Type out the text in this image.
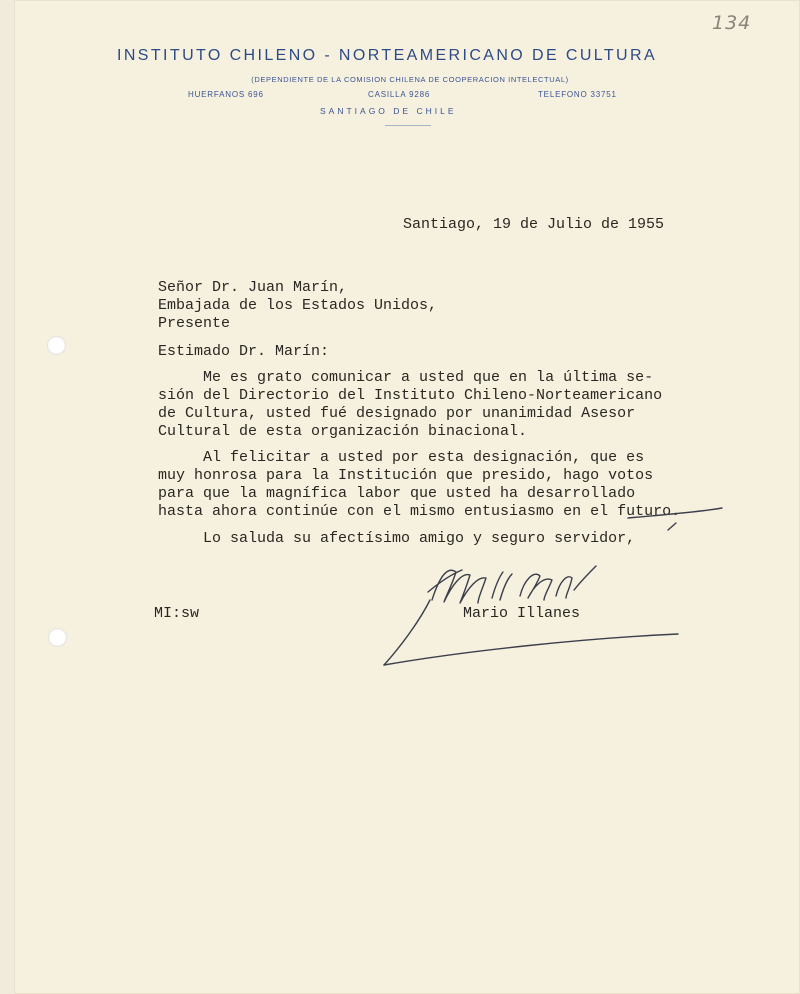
134
INSTITUTO CHILENO - NORTEAMERICANO DE CULTURA
(DEPENDIENTE DE LA COMISION CHILENA DE COOPERACION INTELECTUAL)
HUERFANOS 696	CASILLA 9286	TELEFONO 33751
SANTIAGO DE CHILE
Santiago, 19 de Julio de 1955
Señor Dr. Juan Marín,
Embajada de los Estados Unidos,
Presente
Estimado Dr. Marín:
Me es grato comunicar a usted que en la última se-
sión del Directorio del Instituto Chileno-Norteamericano
de Cultura, usted fué designado por unanimidad Asesor
Cultural de esta organización binacional.
Al felicitar a usted por esta designación, que es
muy honrosa para la Institución que presido, hago votos
para que la magnífica labor que usted ha desarrollado
hasta ahora continúe con el mismo entusiasmo en el futuro.
Lo saluda su afectísimo amigo y seguro servidor,
Mario Illanes
MI:sw
